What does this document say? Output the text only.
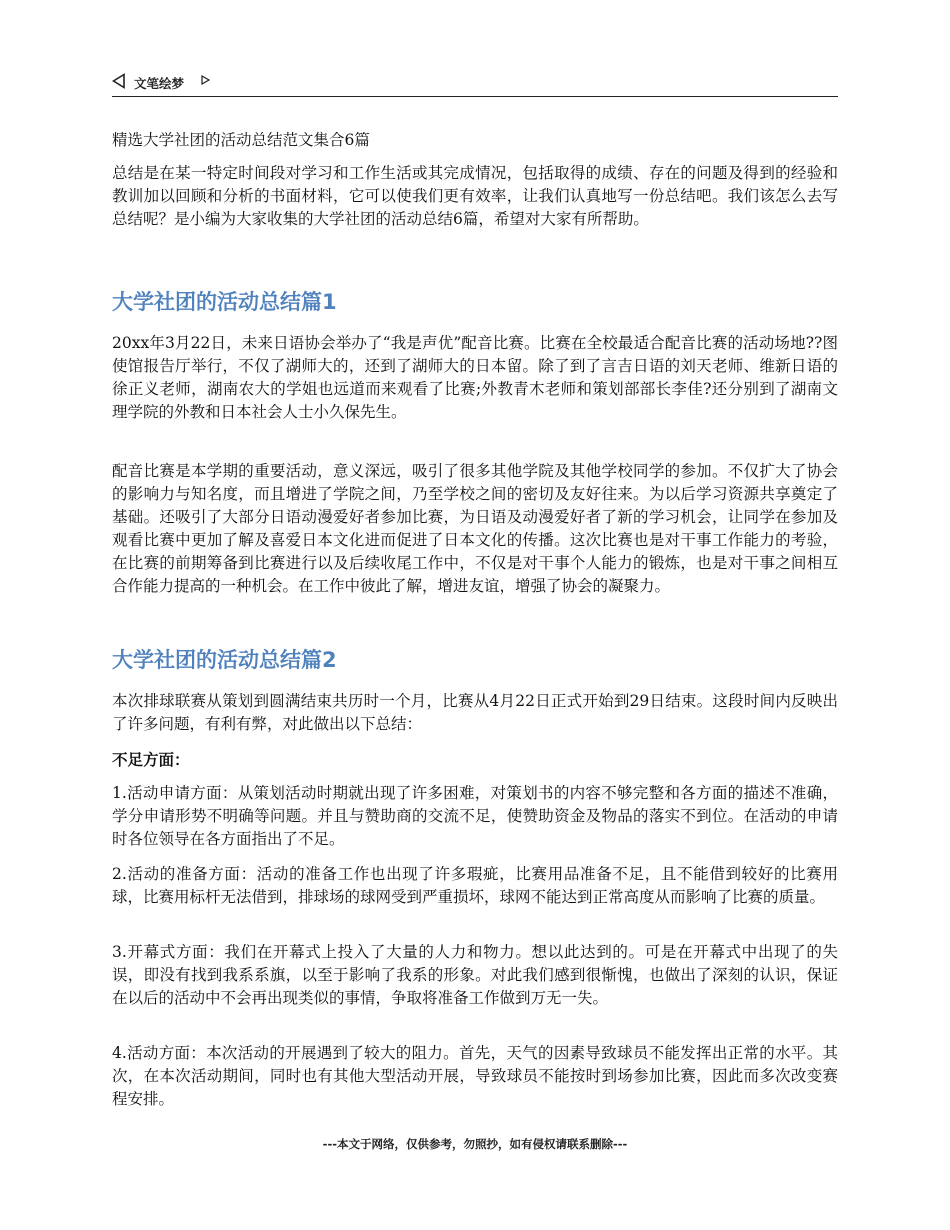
文笔绘梦
精选大学社团的活动总结范文集合6篇
总结是在某一特定时间段对学习和工作生活或其完成情况，包括取得的成绩、存在的问题及得到的经验和教训加以回顾和分析的书面材料，它可以使我们更有效率，让我们认真地写一份总结吧。我们该怎么去写总结呢？是小编为大家收集的大学社团的活动总结6篇，希望对大家有所帮助。
大学社团的活动总结篇1
20xx年3月22日，未来日语协会举办了“我是声优”配音比赛。比赛在全校最适合配音比赛的活动场地??图使馆报告厅举行，不仅了湖师大的，还到了湖师大的日本留。除了到了言吉日语的刘天老师、维新日语的徐正义老师，湖南农大的学姐也远道而来观看了比赛;外教青木老师和策划部部长李佳?还分别到了湖南文理学院的外教和日本社会人士小久保先生。
配音比赛是本学期的重要活动，意义深远，吸引了很多其他学院及其他学校同学的参加。不仅扩大了协会的影响力与知名度，而且增进了学院之间，乃至学校之间的密切及友好往来。为以后学习资源共享奠定了基础。还吸引了大部分日语动漫爱好者参加比赛，为日语及动漫爱好者了新的学习机会，让同学在参加及观看比赛中更加了解及喜爱日本文化进而促进了日本文化的传播。这次比赛也是对干事工作能力的考验，在比赛的前期筹备到比赛进行以及后续收尾工作中，不仅是对干事个人能力的锻炼，也是对干事之间相互合作能力提高的一种机会。在工作中彼此了解，增进友谊，增强了协会的凝聚力。
大学社团的活动总结篇2
本次排球联赛从策划到圆满结束共历时一个月，比赛从4月22日正式开始到29日结束。这段时间内反映出了许多问题，有利有弊，对此做出以下总结：
不足方面：
1.活动申请方面：从策划活动时期就出现了许多困难，对策划书的内容不够完整和各方面的描述不准确，学分申请形势不明确等问题。并且与赞助商的交流不足，使赞助资金及物品的落实不到位。在活动的申请时各位领导在各方面指出了不足。
2.活动的准备方面：活动的准备工作也出现了许多瑕疵，比赛用品准备不足，且不能借到较好的比赛用球，比赛用标杆无法借到，排球场的球网受到严重损坏，球网不能达到正常高度从而影响了比赛的质量。
3.开幕式方面：我们在开幕式上投入了大量的人力和物力。想以此达到的。可是在开幕式中出现了的失误，即没有找到我系系旗，以至于影响了我系的形象。对此我们感到很惭愧，也做出了深刻的认识，保证在以后的活动中不会再出现类似的事情，争取将准备工作做到万无一失。
4.活动方面：本次活动的开展遇到了较大的阻力。首先，天气的因素导致球员不能发挥出正常的水平。其次，在本次活动期间，同时也有其他大型活动开展，导致球员不能按时到场参加比赛，因此而多次改变赛程安排。
---本文于网络，仅供参考，勿照抄，如有侵权请联系删除---
